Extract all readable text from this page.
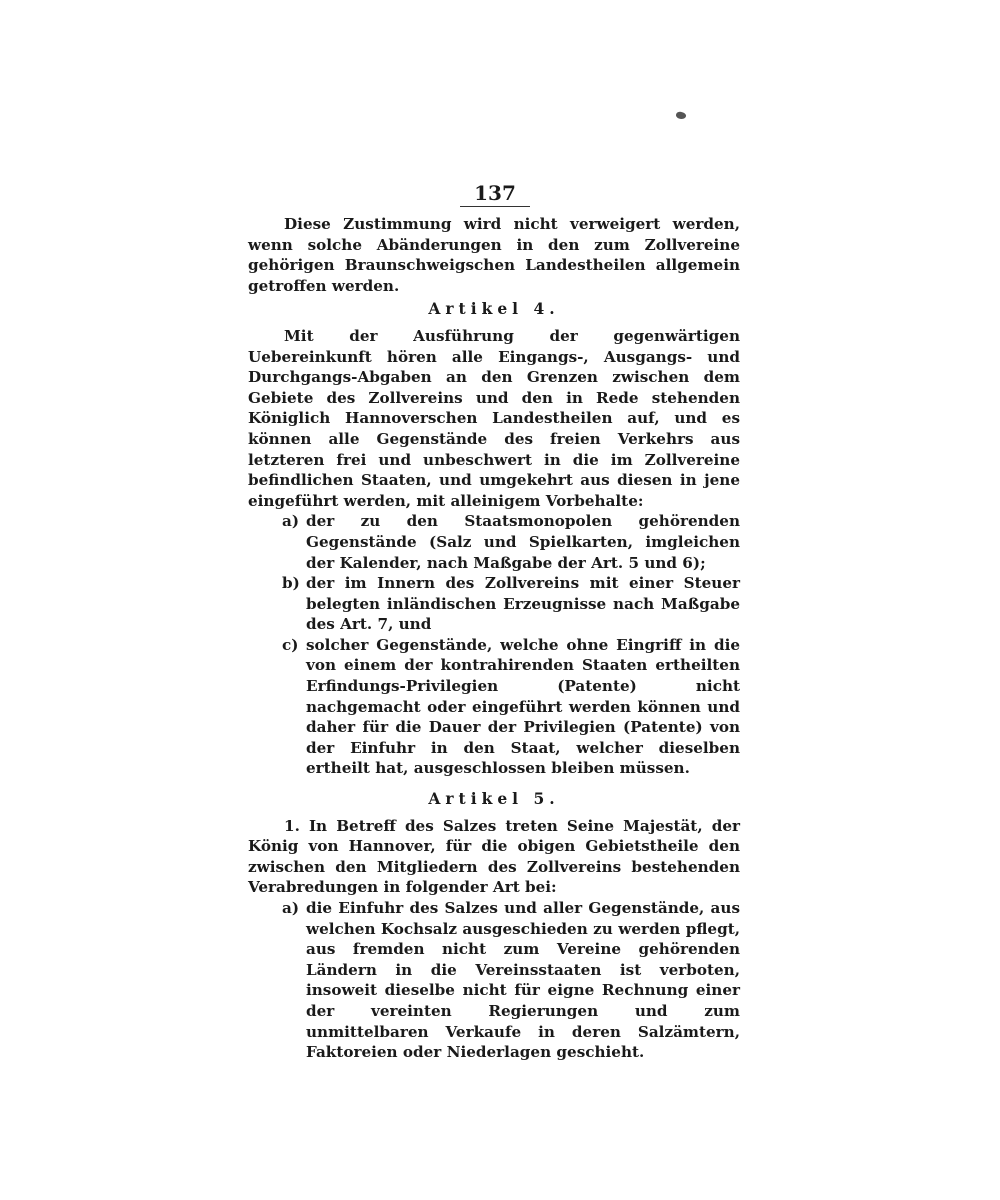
137

Diese Zustimmung wird nicht verweigert werden, wenn solche Abänderungen in den zum Zollvereine gehörigen Braunschweigschen Landestheilen allgemein getroffen werden.

Artikel 4.

Mit der Ausführung der gegenwärtigen Uebereinkunft hören alle Eingangs-, Ausgangs- und Durchgangs-Abgaben an den Grenzen zwischen dem Gebiete des Zollvereins und den in Rede stehenden Königlich Hannoverschen Landestheilen auf, und es können alle Gegenstände des freien Verkehrs aus letzteren frei und unbeschwert in die im Zollvereine befindlichen Staaten, und umgekehrt aus diesen in jene eingeführt werden, mit alleinigem Vorbehalte:

a) der zu den Staatsmonopolen gehörenden Gegenstände (Salz und Spielkarten, imgleichen der Kalender, nach Maßgabe der Art. 5 und 6);
b) der im Innern des Zollvereins mit einer Steuer belegten inländischen Erzeugnisse nach Maßgabe des Art. 7, und
c) solcher Gegenstände, welche ohne Eingriff in die von einem der kontrahirenden Staaten ertheilten Erfindungs-Privilegien (Patente) nicht nachgemacht oder eingeführt werden können und daher für die Dauer der Privilegien (Patente) von der Einfuhr in den Staat, welcher dieselben ertheilt hat, ausgeschlossen bleiben müssen.
Artikel 5.

1. In Betreff des Salzes treten Seine Majestät, der König von Hannover, für die obigen Gebietstheile den zwischen den Mitgliedern des Zollvereins bestehenden Verabredungen in folgender Art bei:

a) die Einfuhr des Salzes und aller Gegenstände, aus welchen Kochsalz ausgeschieden zu werden pflegt, aus fremden nicht zum Vereine gehörenden Ländern in die Vereinsstaaten ist verboten, insoweit dieselbe nicht für eigne Rechnung einer der vereinten Regierungen und zum unmittelbaren Verkaufe in deren Salzämtern, Faktoreien oder Niederlagen geschieht.
